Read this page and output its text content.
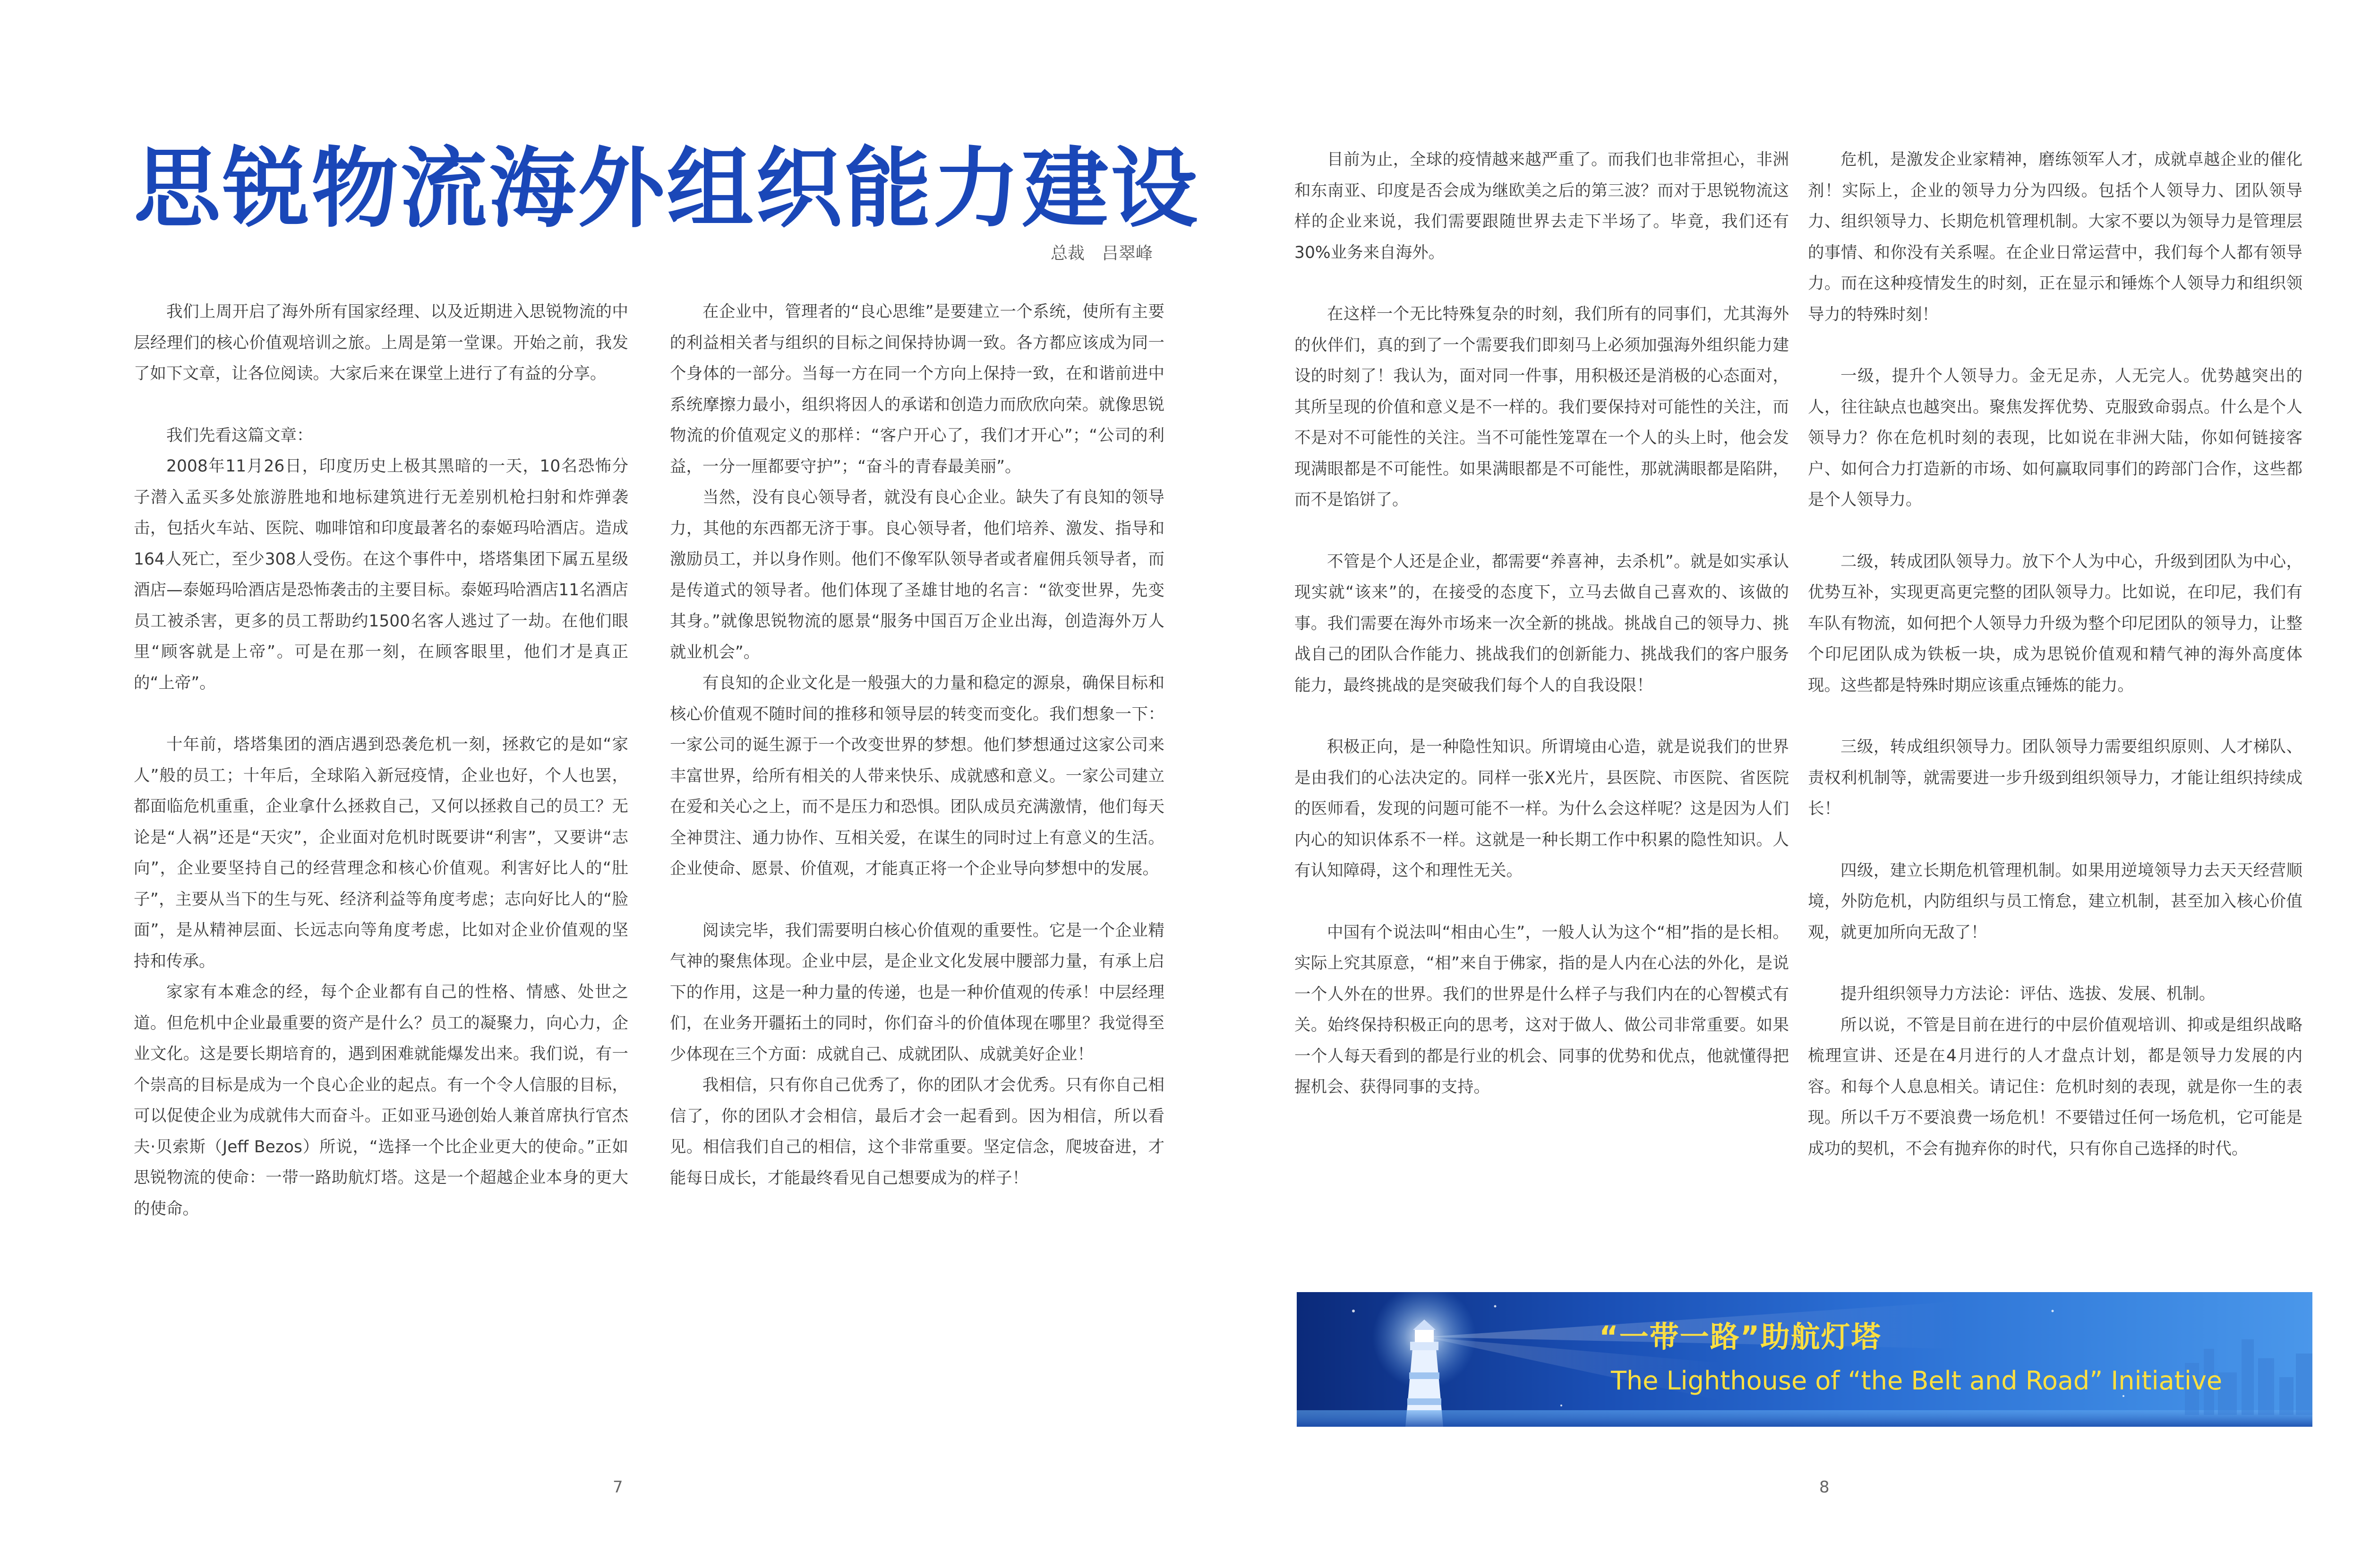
思锐物流海外组织能力建设
总裁　吕翠峰

我们上周开启了海外所有国家经理、以及近期进入思锐物流的中层经理们的核心价值观培训之旅。上周是第一堂课。开始之前，我发了如下文章，让各位阅读。大家后来在课堂上进行了有益的分享。

我们先看这篇文章：

2008年11月26日，印度历史上极其黑暗的一天，10名恐怖分子潜入孟买多处旅游胜地和地标建筑进行无差别机枪扫射和炸弹袭击，包括火车站、医院、咖啡馆和印度最著名的泰姬玛哈酒店。造成164人死亡，至少308人受伤。在这个事件中，塔塔集团下属五星级酒店—泰姬玛哈酒店是恐怖袭击的主要目标。泰姬玛哈酒店11名酒店员工被杀害，更多的员工帮助约1500名客人逃过了一劫。在他们眼里“顾客就是上帝”。可是在那一刻，在顾客眼里，他们才是真正的“上帝”。

十年前，塔塔集团的酒店遇到恐袭危机一刻，拯救它的是如“家人”般的员工；十年后，全球陷入新冠疫情，企业也好，个人也罢，都面临危机重重，企业拿什么拯救自己，又何以拯救自己的员工？无论是“人祸”还是“天灾”，企业面对危机时既要讲“利害”，又要讲“志向”，企业要坚持自己的经营理念和核心价值观。利害好比人的“肚子”，主要从当下的生与死、经济利益等角度考虑；志向好比人的“脸面”，是从精神层面、长远志向等角度考虑，比如对企业价值观的坚持和传承。

家家有本难念的经，每个企业都有自己的性格、情感、处世之道。但危机中企业最重要的资产是什么？员工的凝聚力，向心力，企业文化。这是要长期培育的，遇到困难就能爆发出来。我们说，有一个崇高的目标是成为一个良心企业的起点。有一个令人信服的目标，可以促使企业为成就伟大而奋斗。正如亚马逊创始人兼首席执行官杰夫·贝索斯（Jeff Bezos）所说，“选择一个比企业更大的使命。”正如思锐物流的使命：一带一路助航灯塔。这是一个超越企业本身的更大的使命。

在企业中，管理者的“良心思维”是要建立一个系统，使所有主要的利益相关者与组织的目标之间保持协调一致。各方都应该成为同一个身体的一部分。当每一方在同一个方向上保持一致，在和谐前进中系统摩擦力最小，组织将因人的承诺和创造力而欣欣向荣。就像思锐物流的价值观定义的那样：“客户开心了，我们才开心”；“公司的利益，一分一厘都要守护”；“奋斗的青春最美丽”。

当然，没有良心领导者，就没有良心企业。缺失了有良知的领导力，其他的东西都无济于事。良心领导者，他们培养、激发、指导和激励员工，并以身作则。他们不像军队领导者或者雇佣兵领导者，而是传道式的领导者。他们体现了圣雄甘地的名言：“欲变世界，先变其身。”就像思锐物流的愿景“服务中国百万企业出海，创造海外万人就业机会”。

有良知的企业文化是一般强大的力量和稳定的源泉，确保目标和核心价值观不随时间的推移和领导层的转变而变化。我们想象一下：一家公司的诞生源于一个改变世界的梦想。他们梦想通过这家公司来丰富世界，给所有相关的人带来快乐、成就感和意义。一家公司建立在爱和关心之上，而不是压力和恐惧。团队成员充满激情，他们每天全神贯注、通力协作、互相关爱，在谋生的同时过上有意义的生活。企业使命、愿景、价值观，才能真正将一个企业导向梦想中的发展。

阅读完毕，我们需要明白核心价值观的重要性。它是一个企业精气神的聚焦体现。企业中层，是企业文化发展中腰部力量，有承上启下的作用，这是一种力量的传递，也是一种价值观的传承！中层经理们，在业务开疆拓土的同时，你们奋斗的价值体现在哪里？我觉得至少体现在三个方面：成就自己、成就团队、成就美好企业！

我相信，只有你自己优秀了，你的团队才会优秀。只有你自己相信了，你的团队才会相信，最后才会一起看到。因为相信，所以看见。相信我们自己的相信，这个非常重要。坚定信念，爬坡奋进，才能每日成长，才能最终看见自己想要成为的样子！

7

目前为止，全球的疫情越来越严重了。而我们也非常担心，非洲和东南亚、印度是否会成为继欧美之后的第三波？而对于思锐物流这样的企业来说，我们需要跟随世界去走下半场了。毕竟，我们还有30%业务来自海外。

在这样一个无比特殊复杂的时刻，我们所有的同事们，尤其海外的伙伴们，真的到了一个需要我们即刻马上必须加强海外组织能力建设的时刻了！我认为，面对同一件事，用积极还是消极的心态面对，其所呈现的价值和意义是不一样的。我们要保持对可能性的关注，而不是对不可能性的关注。当不可能性笼罩在一个人的头上时，他会发现满眼都是不可能性。如果满眼都是不可能性，那就满眼都是陷阱，而不是馅饼了。

不管是个人还是企业，都需要“养喜神，去杀机”。就是如实承认现实就“该来”的，在接受的态度下，立马去做自己喜欢的、该做的事。我们需要在海外市场来一次全新的挑战。挑战自己的领导力、挑战自己的团队合作能力、挑战我们的创新能力、挑战我们的客户服务能力，最终挑战的是突破我们每个人的自我设限！

积极正向，是一种隐性知识。所谓境由心造，就是说我们的世界是由我们的心法决定的。同样一张X光片，县医院、市医院、省医院的医师看，发现的问题可能不一样。为什么会这样呢？这是因为人们内心的知识体系不一样。这就是一种长期工作中积累的隐性知识。人有认知障碍，这个和理性无关。

中国有个说法叫“相由心生”，一般人认为这个“相”指的是长相。实际上究其原意，“相”来自于佛家，指的是人内在心法的外化，是说一个人外在的世界。我们的世界是什么样子与我们内在的心智模式有关。始终保持积极正向的思考，这对于做人、做公司非常重要。如果一个人每天看到的都是行业的机会、同事的优势和优点，他就懂得把握机会、获得同事的支持。

危机，是激发企业家精神，磨练领军人才，成就卓越企业的催化剂！实际上，企业的领导力分为四级。包括个人领导力、团队领导力、组织领导力、长期危机管理机制。大家不要以为领导力是管理层的事情、和你没有关系喔。在企业日常运营中，我们每个人都有领导力。而在这种疫情发生的时刻，正在显示和锤炼个人领导力和组织领导力的特殊时刻！

一级，提升个人领导力。金无足赤，人无完人。优势越突出的人，往往缺点也越突出。聚焦发挥优势、克服致命弱点。什么是个人领导力？你在危机时刻的表现，比如说在非洲大陆，你如何链接客户、如何合力打造新的市场、如何赢取同事们的跨部门合作，这些都是个人领导力。

二级，转成团队领导力。放下个人为中心，升级到团队为中心，优势互补，实现更高更完整的团队领导力。比如说，在印尼，我们有车队有物流，如何把个人领导力升级为整个印尼团队的领导力，让整个印尼团队成为铁板一块，成为思锐价值观和精气神的海外高度体现。这些都是特殊时期应该重点锤炼的能力。

三级，转成组织领导力。团队领导力需要组织原则、人才梯队、责权利机制等，就需要进一步升级到组织领导力，才能让组织持续成长！

四级，建立长期危机管理机制。如果用逆境领导力去天天经营顺境，外防危机，内防组织与员工惰怠，建立机制，甚至加入核心价值观，就更加所向无敌了！

提升组织领导力方法论：评估、选拔、发展、机制。

所以说，不管是目前在进行的中层价值观培训、抑或是组织战略梳理宣讲、还是在4月进行的人才盘点计划，都是领导力发展的内容。和每个人息息相关。请记住：危机时刻的表现，就是你一生的表现。所以千万不要浪费一场危机！不要错过任何一场危机，它可能是成功的契机，不会有抛弃你的时代，只有你自己选择的时代。

“一带一路”助航灯塔
The Lighthouse of “the Belt and Road” Initiative
8
